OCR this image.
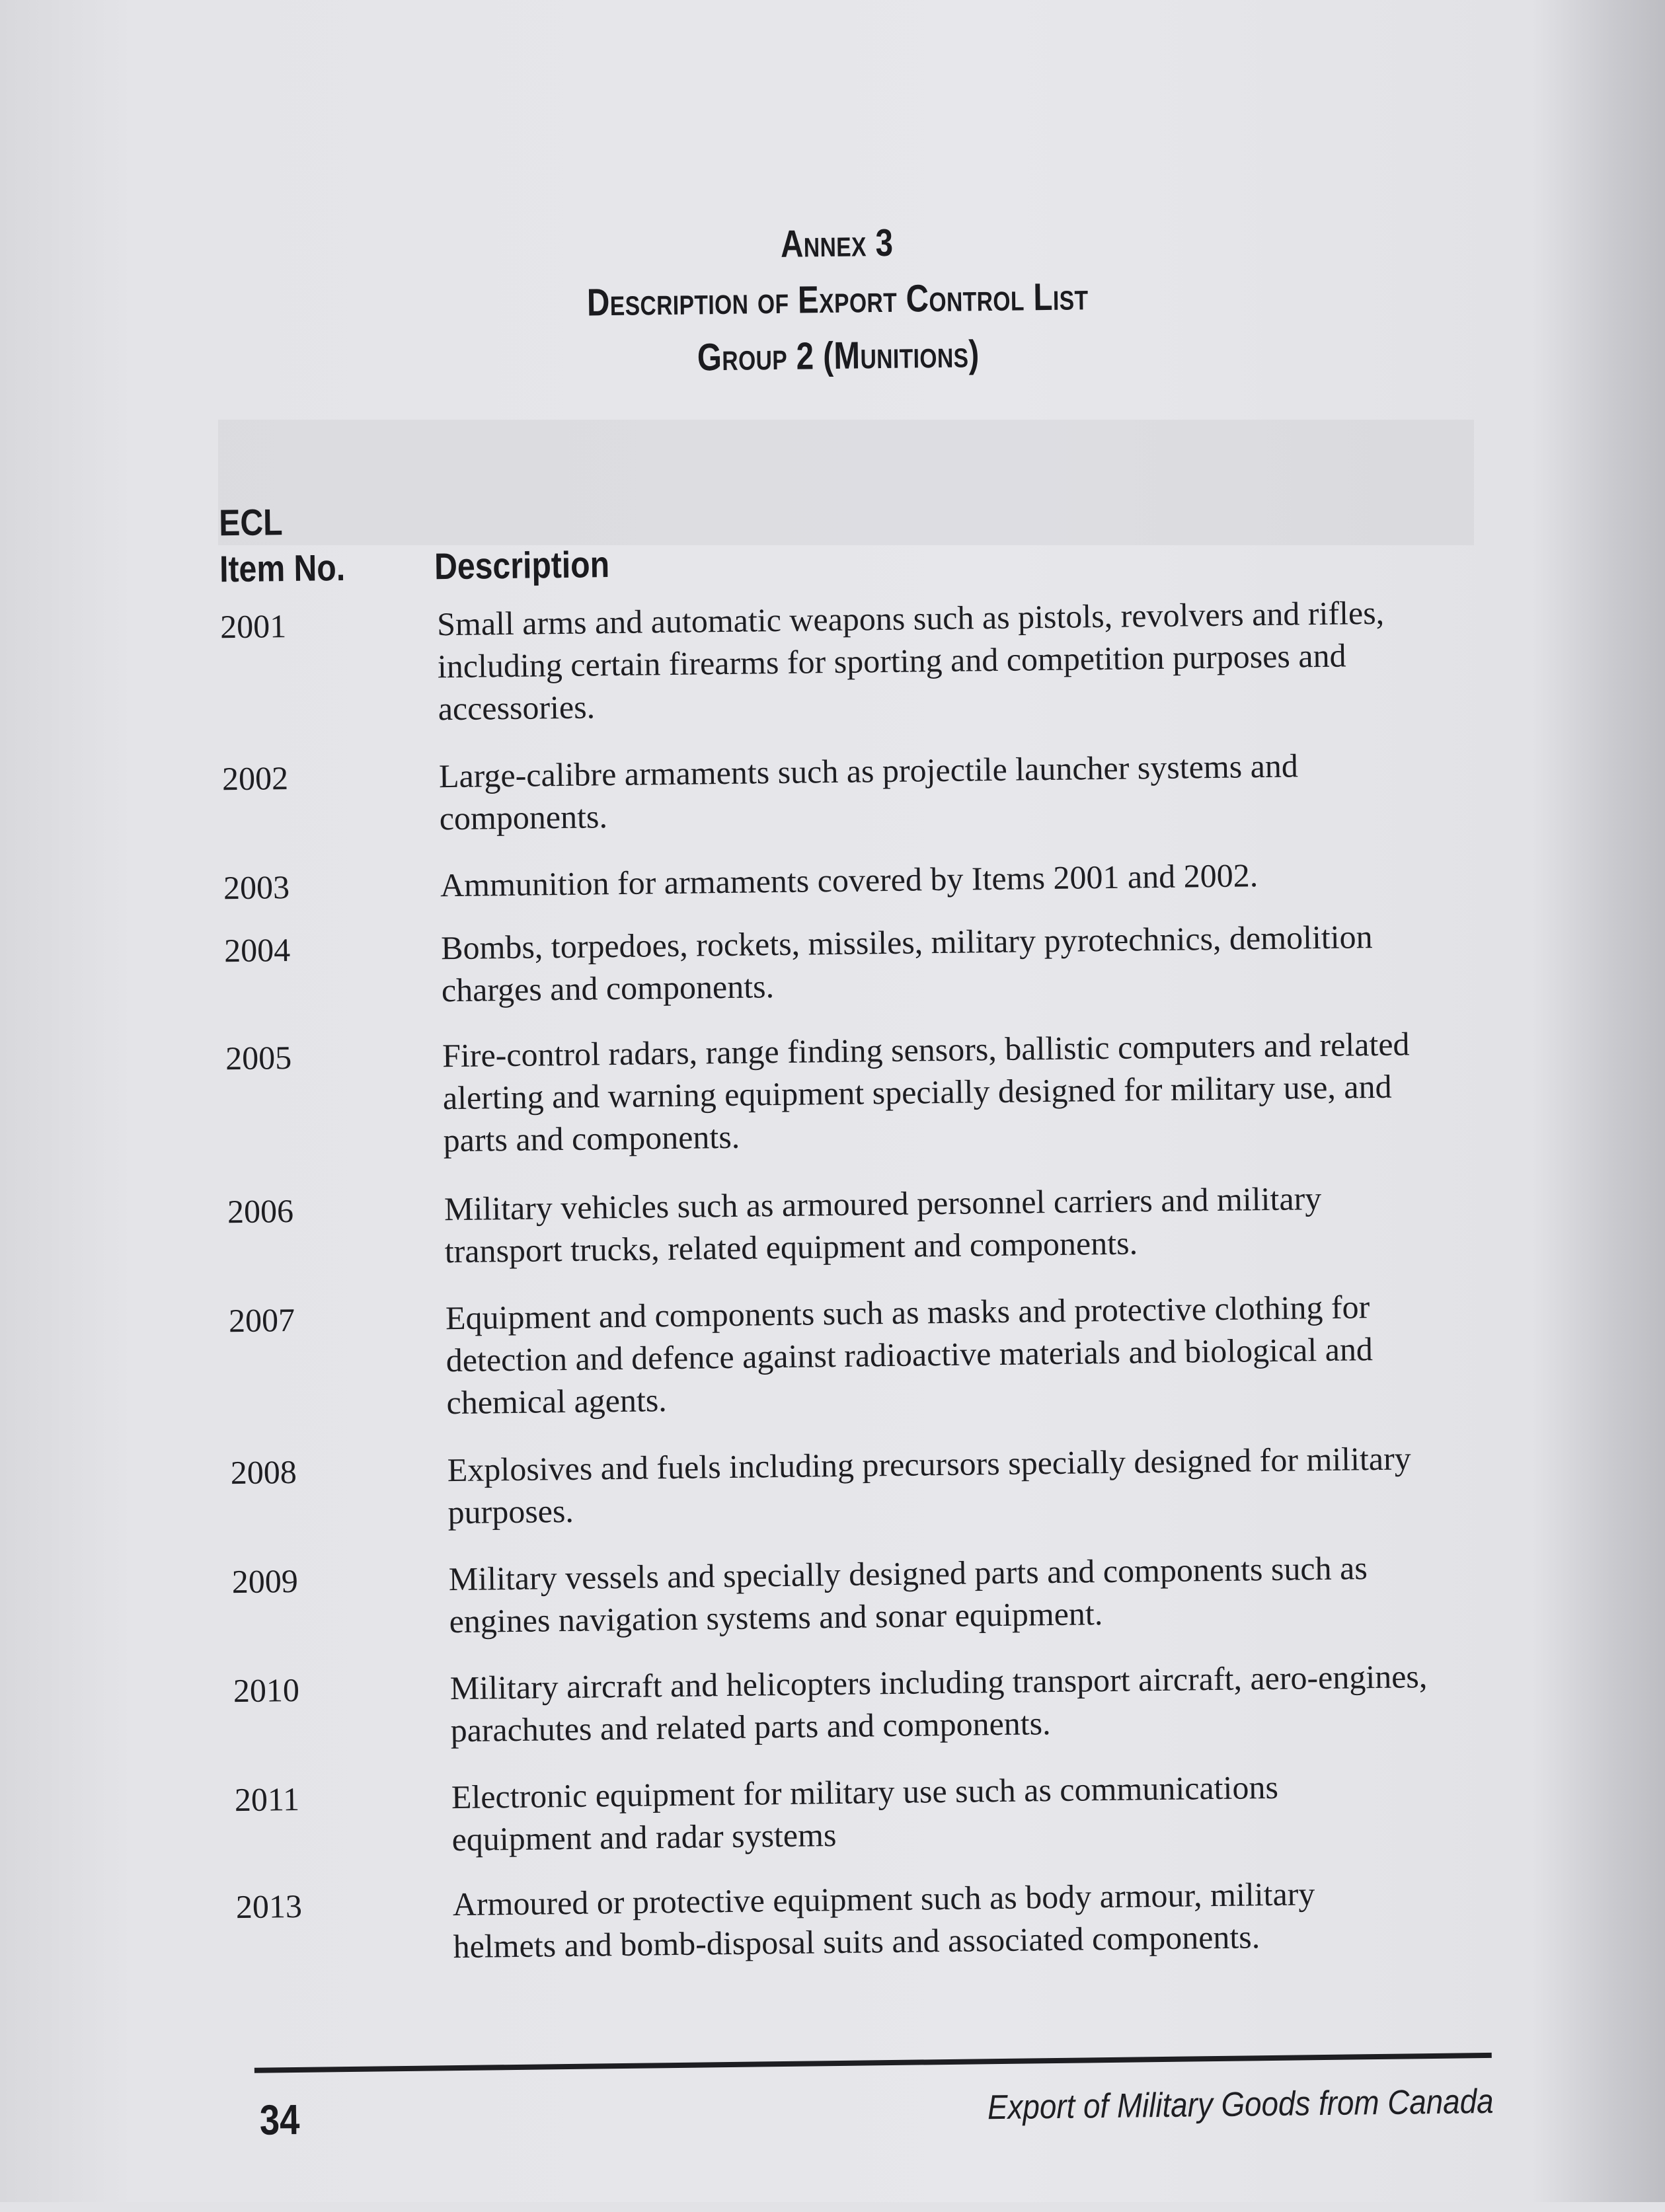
Annex 3
Description of Export Control List
Group 2 (Munitions)
ECL
Item No. Description
2001	Small arms and automatic weapons such as pistols, revolvers and rifles,
including certain firearms for sporting and competition purposes and
accessories.
2002	Large-calibre armaments such as projectile launcher systems and
components.
2003	Ammunition for armaments covered by Items 2001 and 2002.
2004	Bombs, torpedoes, rockets, missiles, military pyrotechnics, demolition
charges and components.
2005	Fire-control radars, range finding sensors, ballistic computers and related
alerting and warning equipment specially designed for military use, and
parts and components.
2006	Military vehicles such as armoured personnel carriers and military
transport trucks, related equipment and components.
2007	Equipment and components such as masks and protective clothing for
detection and defence against radioactive materials and biological and
chemical agents.
2008	Explosives and fuels including precursors specially designed for military
purposes.
2009	Military vessels and specially designed parts and components such as
engines navigation systems and sonar equipment.
2010	Military aircraft and helicopters including transport aircraft, aero-engines,
parachutes and related parts and components.
2011	Electronic equipment for military use such as communications
equipment and radar systems
2013	Armoured or protective equipment such as body armour, military
helmets and bomb-disposal suits and associated components.
34	Export of Military Goods from Canada
